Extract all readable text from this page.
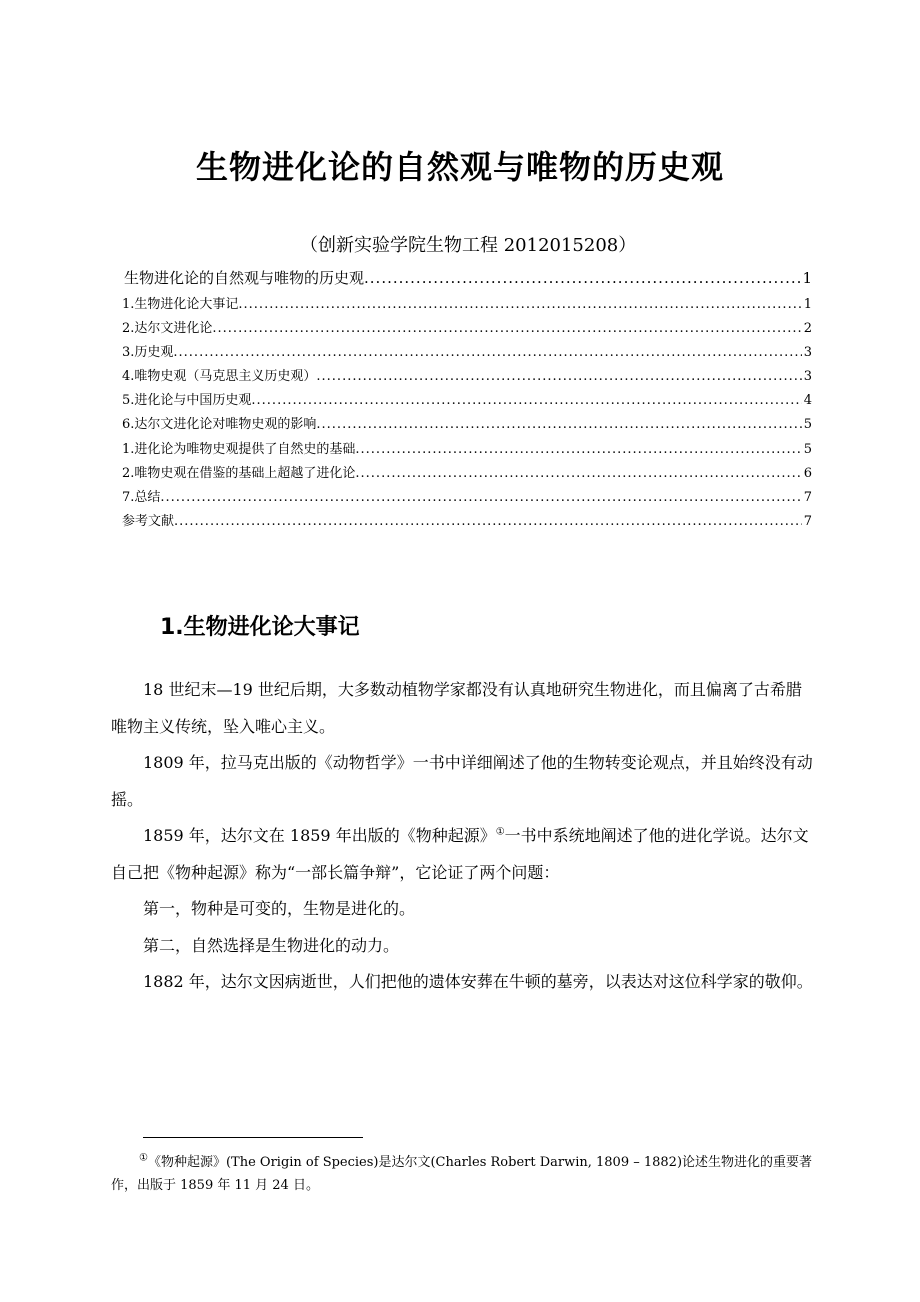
生物进化论的自然观与唯物的历史观
（创新实验学院生物工程 2012015208）
生物进化论的自然观与唯物的历史观 .....	1
1.生物进化论大事记 .....	1
2.达尔文进化论 .....	2
3.历史观 .....	3
4.唯物史观（马克思主义历史观） .....	3
5.进化论与中国历史观 .....	4
6.达尔文进化论对唯物史观的影响 .....	5
1.进化论为唯物史观提供了自然史的基础 .....	5
2.唯物史观在借鉴的基础上超越了进化论 .....	6
7.总结 .....	7
参考文献 .....	7
1.生物进化论大事记

18 世纪末—19 世纪后期，大多数动植物学家都没有认真地研究生物进化，而且偏离了古希腊唯物主义传统，坠入唯心主义。

1809 年，拉马克出版的《动物哲学》一书中详细阐述了他的生物转变论观点，并且始终没有动摇。

1859 年，达尔文在 1859 年出版的《物种起源》①一书中系统地阐述了他的进化学说。达尔文自己把《物种起源》称为“一部长篇争辩”，它论证了两个问题：

第一，物种是可变的，生物是进化的。

第二，自然选择是生物进化的动力。

1882 年，达尔文因病逝世，人们把他的遗体安葬在牛顿的墓旁，以表达对这位科学家的敬仰。

①《物种起源》(The Origin of Species)是达尔文(Charles Robert Darwin, 1809 – 1882)论述生物进化的重要著作，出版于 1859 年 11 月 24 日。
